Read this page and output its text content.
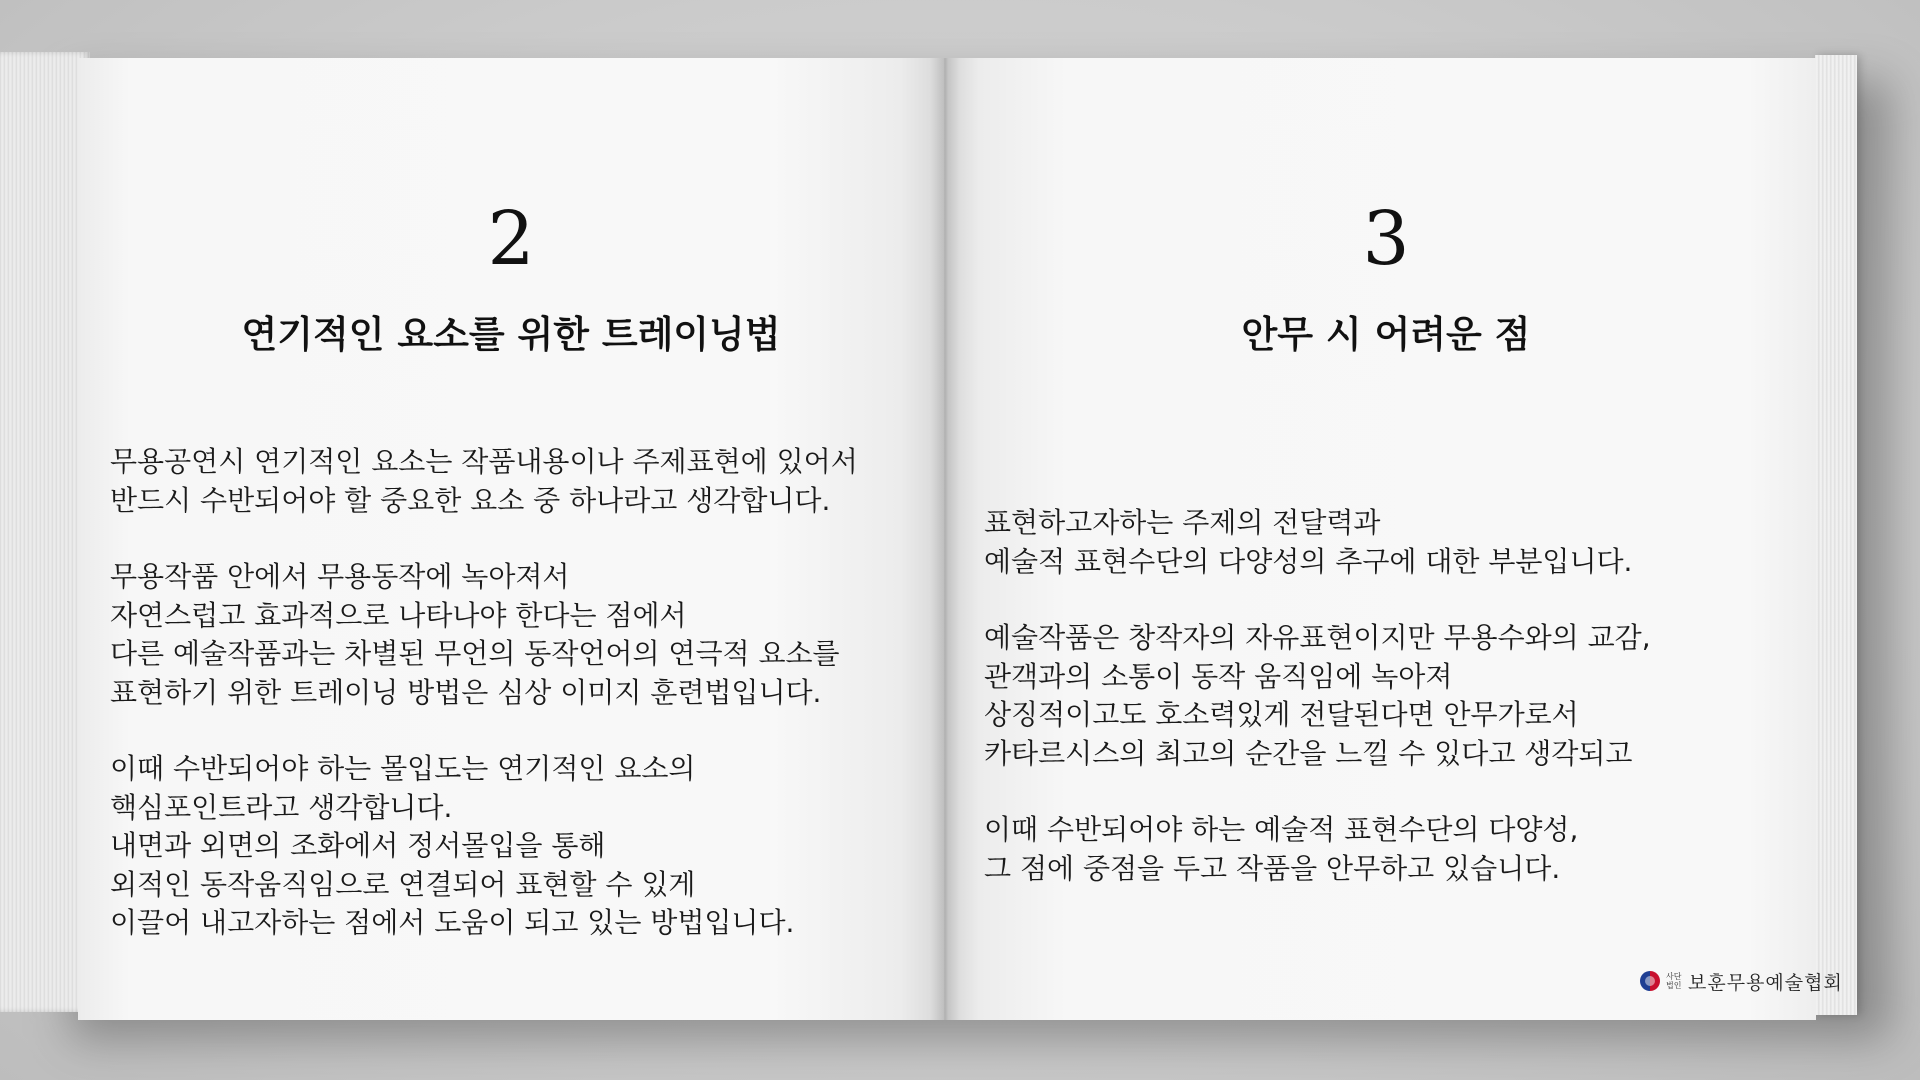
2
연기적인 요소를 위한 트레이닝법
무용공연시 연기적인 요소는 작품내용이나 주제표현에 있어서
반드시 수반되어야 할 중요한 요소 중 하나라고 생각합니다.
무용작품 안에서 무용동작에 녹아져서
자연스럽고 효과적으로 나타나야 한다는 점에서
다른 예술작품과는 차별된 무언의 동작언어의 연극적 요소를
표현하기 위한 트레이닝 방법은 심상 이미지 훈련법입니다.
이때 수반되어야 하는 몰입도는 연기적인 요소의
핵심포인트라고 생각합니다.
내면과 외면의 조화에서 정서몰입을 통해
외적인 동작움직임으로 연결되어 표현할 수 있게
이끌어 내고자하는 점에서 도움이 되고 있는 방법입니다.
3
안무 시 어려운 점
표현하고자하는 주제의 전달력과
예술적 표현수단의 다양성의 추구에 대한 부분입니다.
예술작품은 창작자의 자유표현이지만 무용수와의 교감,
관객과의 소통이 동작 움직임에 녹아져
상징적이고도 호소력있게 전달된다면 안무가로서
카타르시스의 최고의 순간을 느낄 수 있다고 생각되고
이때 수반되어야 하는 예술적 표현수단의 다양성,
그 점에 중점을 두고 작품을 안무하고 있습니다.
사단법인 보훈무용예술협회
